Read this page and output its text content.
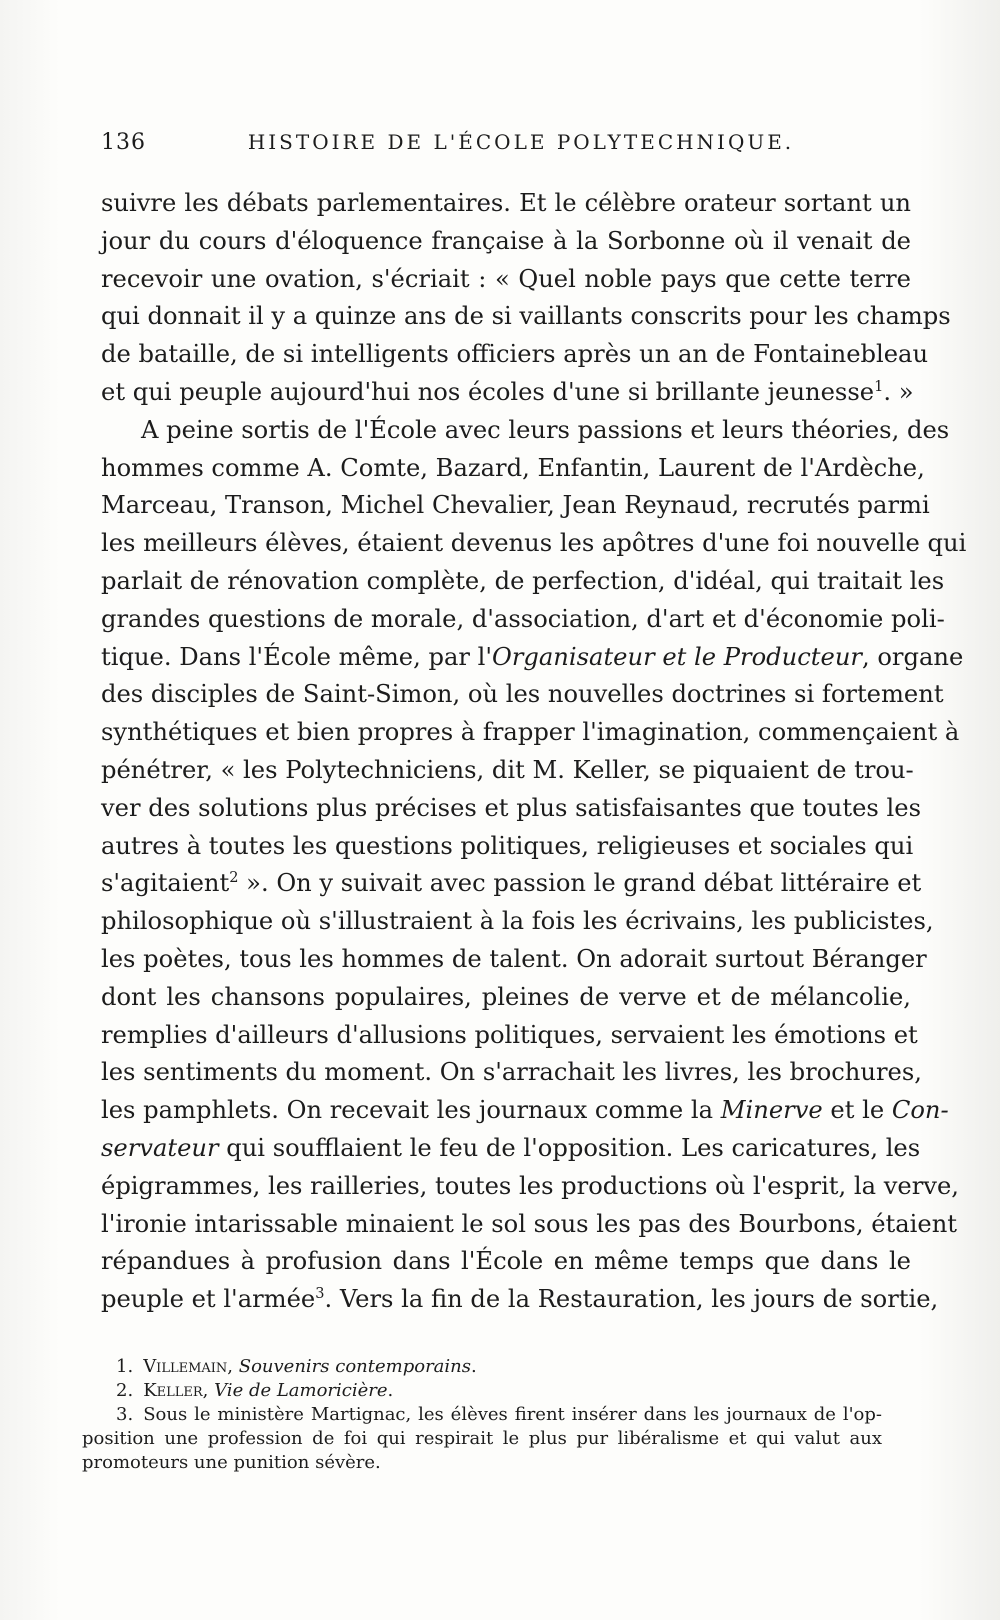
136	HISTOIRE DE L'ÉCOLE POLYTECHNIQUE.
suivre les débats parlementaires. Et le célèbre orateur sortant un
jour du cours d'éloquence française à la Sorbonne où il venait de
recevoir une ovation, s'écriait : « Quel noble pays que cette terre
qui donnait il y a quinze ans de si vaillants conscrits pour les champs
de bataille, de si intelligents officiers après un an de Fontainebleau
et qui peuple aujourd'hui nos écoles d'une si brillante jeunesse$^1$. »
A peine sortis de l'École avec leurs passions et leurs théories, des
hommes comme A. Comte, Bazard, Enfantin, Laurent de l'Ardèche,
Marceau, Transon, Michel Chevalier, Jean Reynaud, recrutés parmi
les meilleurs élèves, étaient devenus les apôtres d'une foi nouvelle qui
parlait de rénovation complète, de perfection, d'idéal, qui traitait les
grandes questions de morale, d'association, d'art et d'économie poli-
tique. Dans l'École même, par l'Organisateur et le Producteur, organe
des disciples de Saint-Simon, où les nouvelles doctrines si fortement
synthétiques et bien propres à frapper l'imagination, commençaient à
pénétrer, « les Polytechniciens, dit M. Keller, se piquaient de trou-
ver des solutions plus précises et plus satisfaisantes que toutes les
autres à toutes les questions politiques, religieuses et sociales qui
s'agitaient$^2$ ». On y suivait avec passion le grand débat littéraire et
philosophique où s'illustraient à la fois les écrivains, les publicistes,
les poètes, tous les hommes de talent. On adorait surtout Béranger
dont les chansons populaires, pleines de verve et de mélancolie,
remplies d'ailleurs d'allusions politiques, servaient les émotions et
les sentiments du moment. On s'arrachait les livres, les brochures,
les pamphlets. On recevait les journaux comme la Minerve et le Con-
servateur qui soufflaient le feu de l'opposition. Les caricatures, les
épigrammes, les railleries, toutes les productions où l'esprit, la verve,
l'ironie intarissable minaient le sol sous les pas des Bourbons, étaient
répandues à profusion dans l'École en même temps que dans le
peuple et l'armée$^3$. Vers la fin de la Restauration, les jours de sortie,

1. Villemain, Souvenirs contemporains.

2. Keller, Vie de Lamoricière.

3. Sous le ministère Martignac, les élèves firent insérer dans les journaux de l'op-
position une profession de foi qui respirait le plus pur libéralisme et qui valut aux
promoteurs une punition sévère.
